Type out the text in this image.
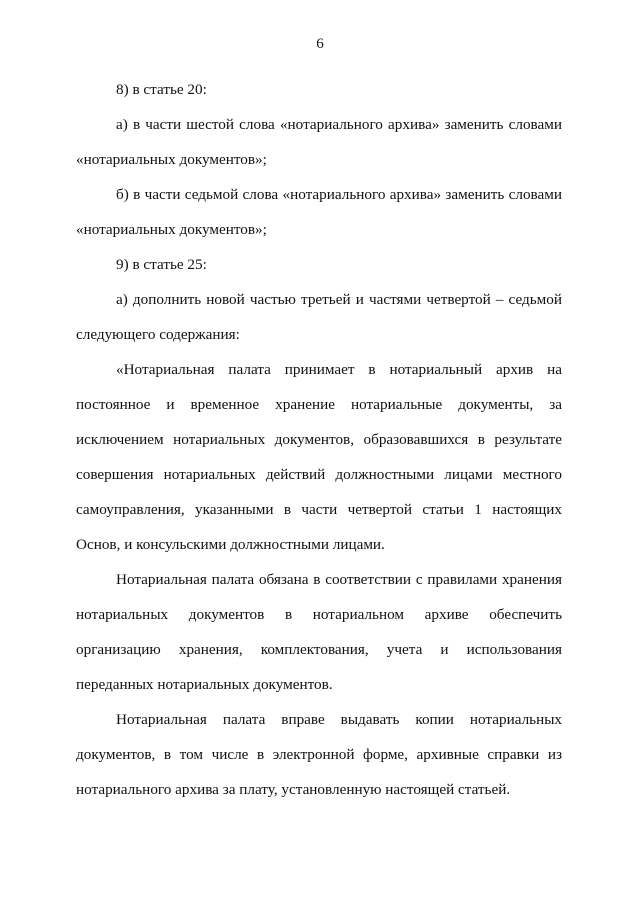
6

8) в статье 20:

а) в части шестой слова «нотариального архива» заменить словами «нотариальных документов»;

б) в части седьмой слова «нотариального архива» заменить словами «нотариальных документов»;

9) в статье 25:

а) дополнить новой частью третьей и частями четвертой – седьмой следующего содержания:

«Нотариальная палата принимает в нотариальный архив на постоянное и временное хранение нотариальные документы, за исключением нотариальных документов, образовавшихся в результате совершения нотариальных действий должностными лицами местного самоуправления, указанными в части четвертой статьи 1 настоящих Основ, и консульскими должностными лицами.

Нотариальная палата обязана в соответствии с правилами хранения нотариальных документов в нотариальном архиве обеспечить организацию хранения, комплектования, учета и использования переданных нотариальных документов.

Нотариальная палата вправе выдавать копии нотариальных документов, в том числе в электронной форме, архивные справки из нотариального архива за плату, установленную настоящей статьей.
